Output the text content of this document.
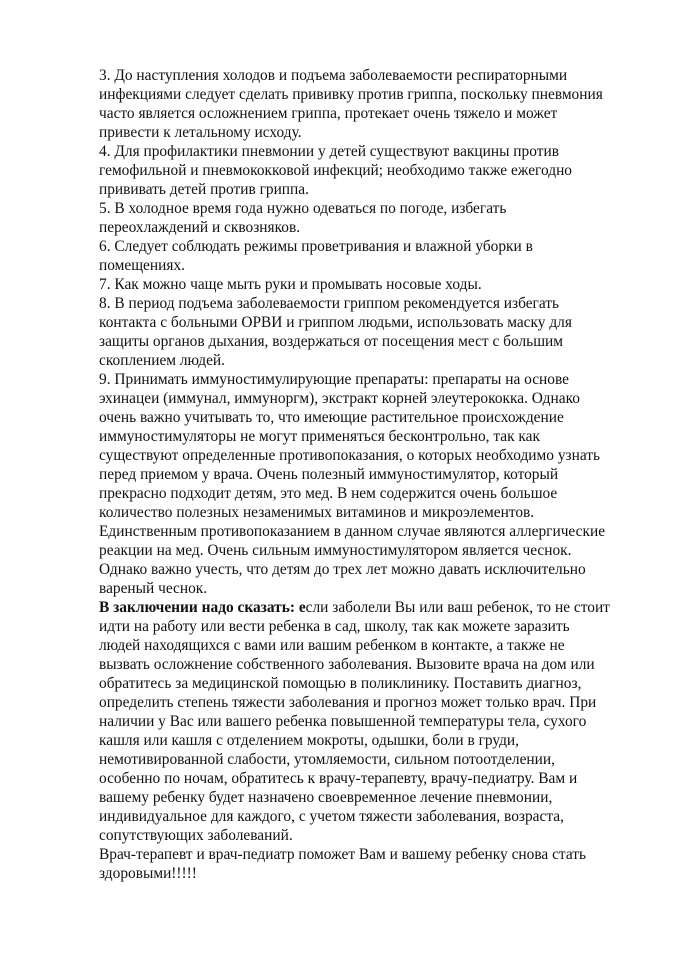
3. До наступления холодов и подъема заболеваемости респираторными
инфекциями следует сделать прививку против гриппа, поскольку пневмония
часто является осложнением гриппа, протекает очень тяжело и может
привести к летальному исходу.
4. Для профилактики пневмонии у детей существуют вакцины против
гемофильной и пневмококковой инфекций; необходимо также ежегодно
прививать детей против гриппа.
5. В холодное время года нужно одеваться по погоде, избегать
переохлаждений и сквозняков.
6. Следует соблюдать режимы проветривания и влажной уборки в
помещениях.
7. Как можно чаще мыть руки и промывать носовые ходы.
8. В период подъема заболеваемости гриппом рекомендуется избегать
контакта с больными ОРВИ и гриппом людьми, использовать маску для
защиты органов дыхания, воздержаться от посещения мест с большим
скоплением людей.
9. Принимать иммуностимулирующие препараты: препараты на основе
эхинацеи (иммунал, иммуноргм), экстракт корней элеутерококка. Однако
очень важно учитывать то, что имеющие растительное происхождение
иммуностимуляторы не могут применяться бесконтрольно, так как
существуют определенные противопоказания, о которых необходимо узнать
перед приемом у врача. Очень полезный иммуностимулятор, который
прекрасно подходит детям, это мед. В нем содержится очень большое
количество полезных незаменимых витаминов и микроэлементов.
Единственным противопоказанием в данном случае являются аллергические
реакции на мед. Очень сильным иммуностимулятором является чеснок.
Однако важно учесть, что детям до трех лет можно давать исключительно
вареный чеснок.
В заключении надо сказать: если заболели Вы или ваш ребенок, то не стоит
идти на работу или вести ребенка в сад, школу, так как можете заразить
людей находящихся с вами или вашим ребенком в контакте, а также не
вызвать осложнение собственного заболевания. Вызовите врача на дом или
обратитесь за медицинской помощью в поликлинику. Поставить диагноз,
определить степень тяжести заболевания и прогноз может только врач. При
наличии у Вас или вашего ребенка повышенной температуры тела, сухого
кашля или кашля с отделением мокроты, одышки, боли в груди,
немотивированной слабости, утомляемости, сильном потоотделении,
особенно по ночам, обратитесь к врачу-терапевту, врачу-педиатру. Вам и
вашему ребенку будет назначено своевременное лечение пневмонии,
индивидуальное для каждого, с учетом тяжести заболевания, возраста,
сопутствующих заболеваний.
Врач-терапевт и врач-педиатр поможет Вам и вашему ребенку снова стать
здоровыми!!!!!
